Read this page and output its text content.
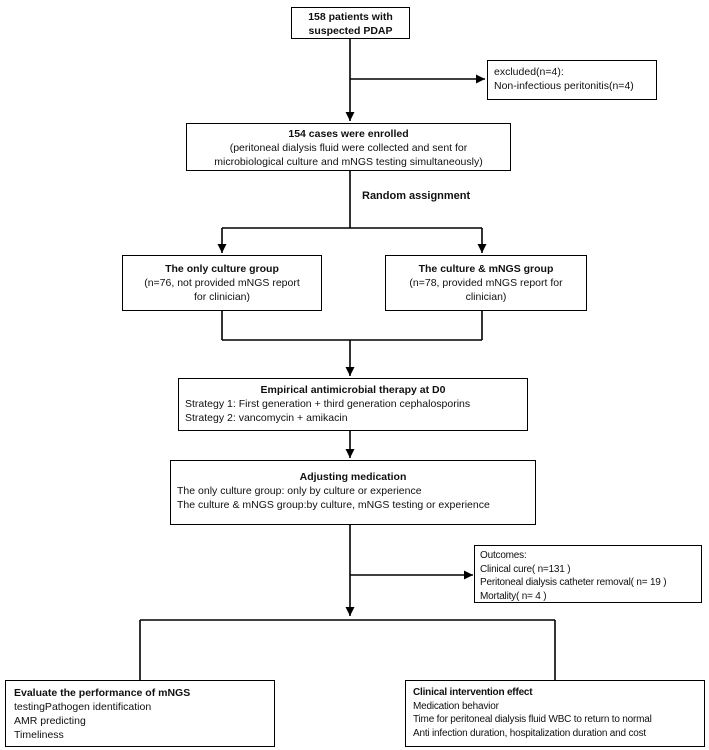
158 patients with
suspected PDAP
excluded(n=4):
Non-infectious peritonitis(n=4)
154 cases were enrolled
(peritoneal dialysis fluid were collected and sent for
microbiological culture and mNGS testing simultaneously)
Random assignment
The only culture group
(n=76, not provided mNGS report
for clinician)
The culture & mNGS group
(n=78, provided mNGS report for
clinician)
Empirical antimicrobial therapy at D0
Strategy 1: First generation + third generation cephalosporins
Strategy 2: vancomycin + amikacin
Adjusting medication
The only culture group: only by culture or experience
The culture & mNGS group:by culture, mNGS testing or experience
Outcomes:
Clinical cure( n=131 )
Peritoneal dialysis catheter removal( n= 19 )
Mortality( n= 4 )
Evaluate the performance of mNGS
testingPathogen identification
AMR predicting
Timeliness
Clinical intervention effect
Medication behavior
Time for peritoneal dialysis fluid WBC to return to normal
Anti infection duration, hospitalization duration and cost
